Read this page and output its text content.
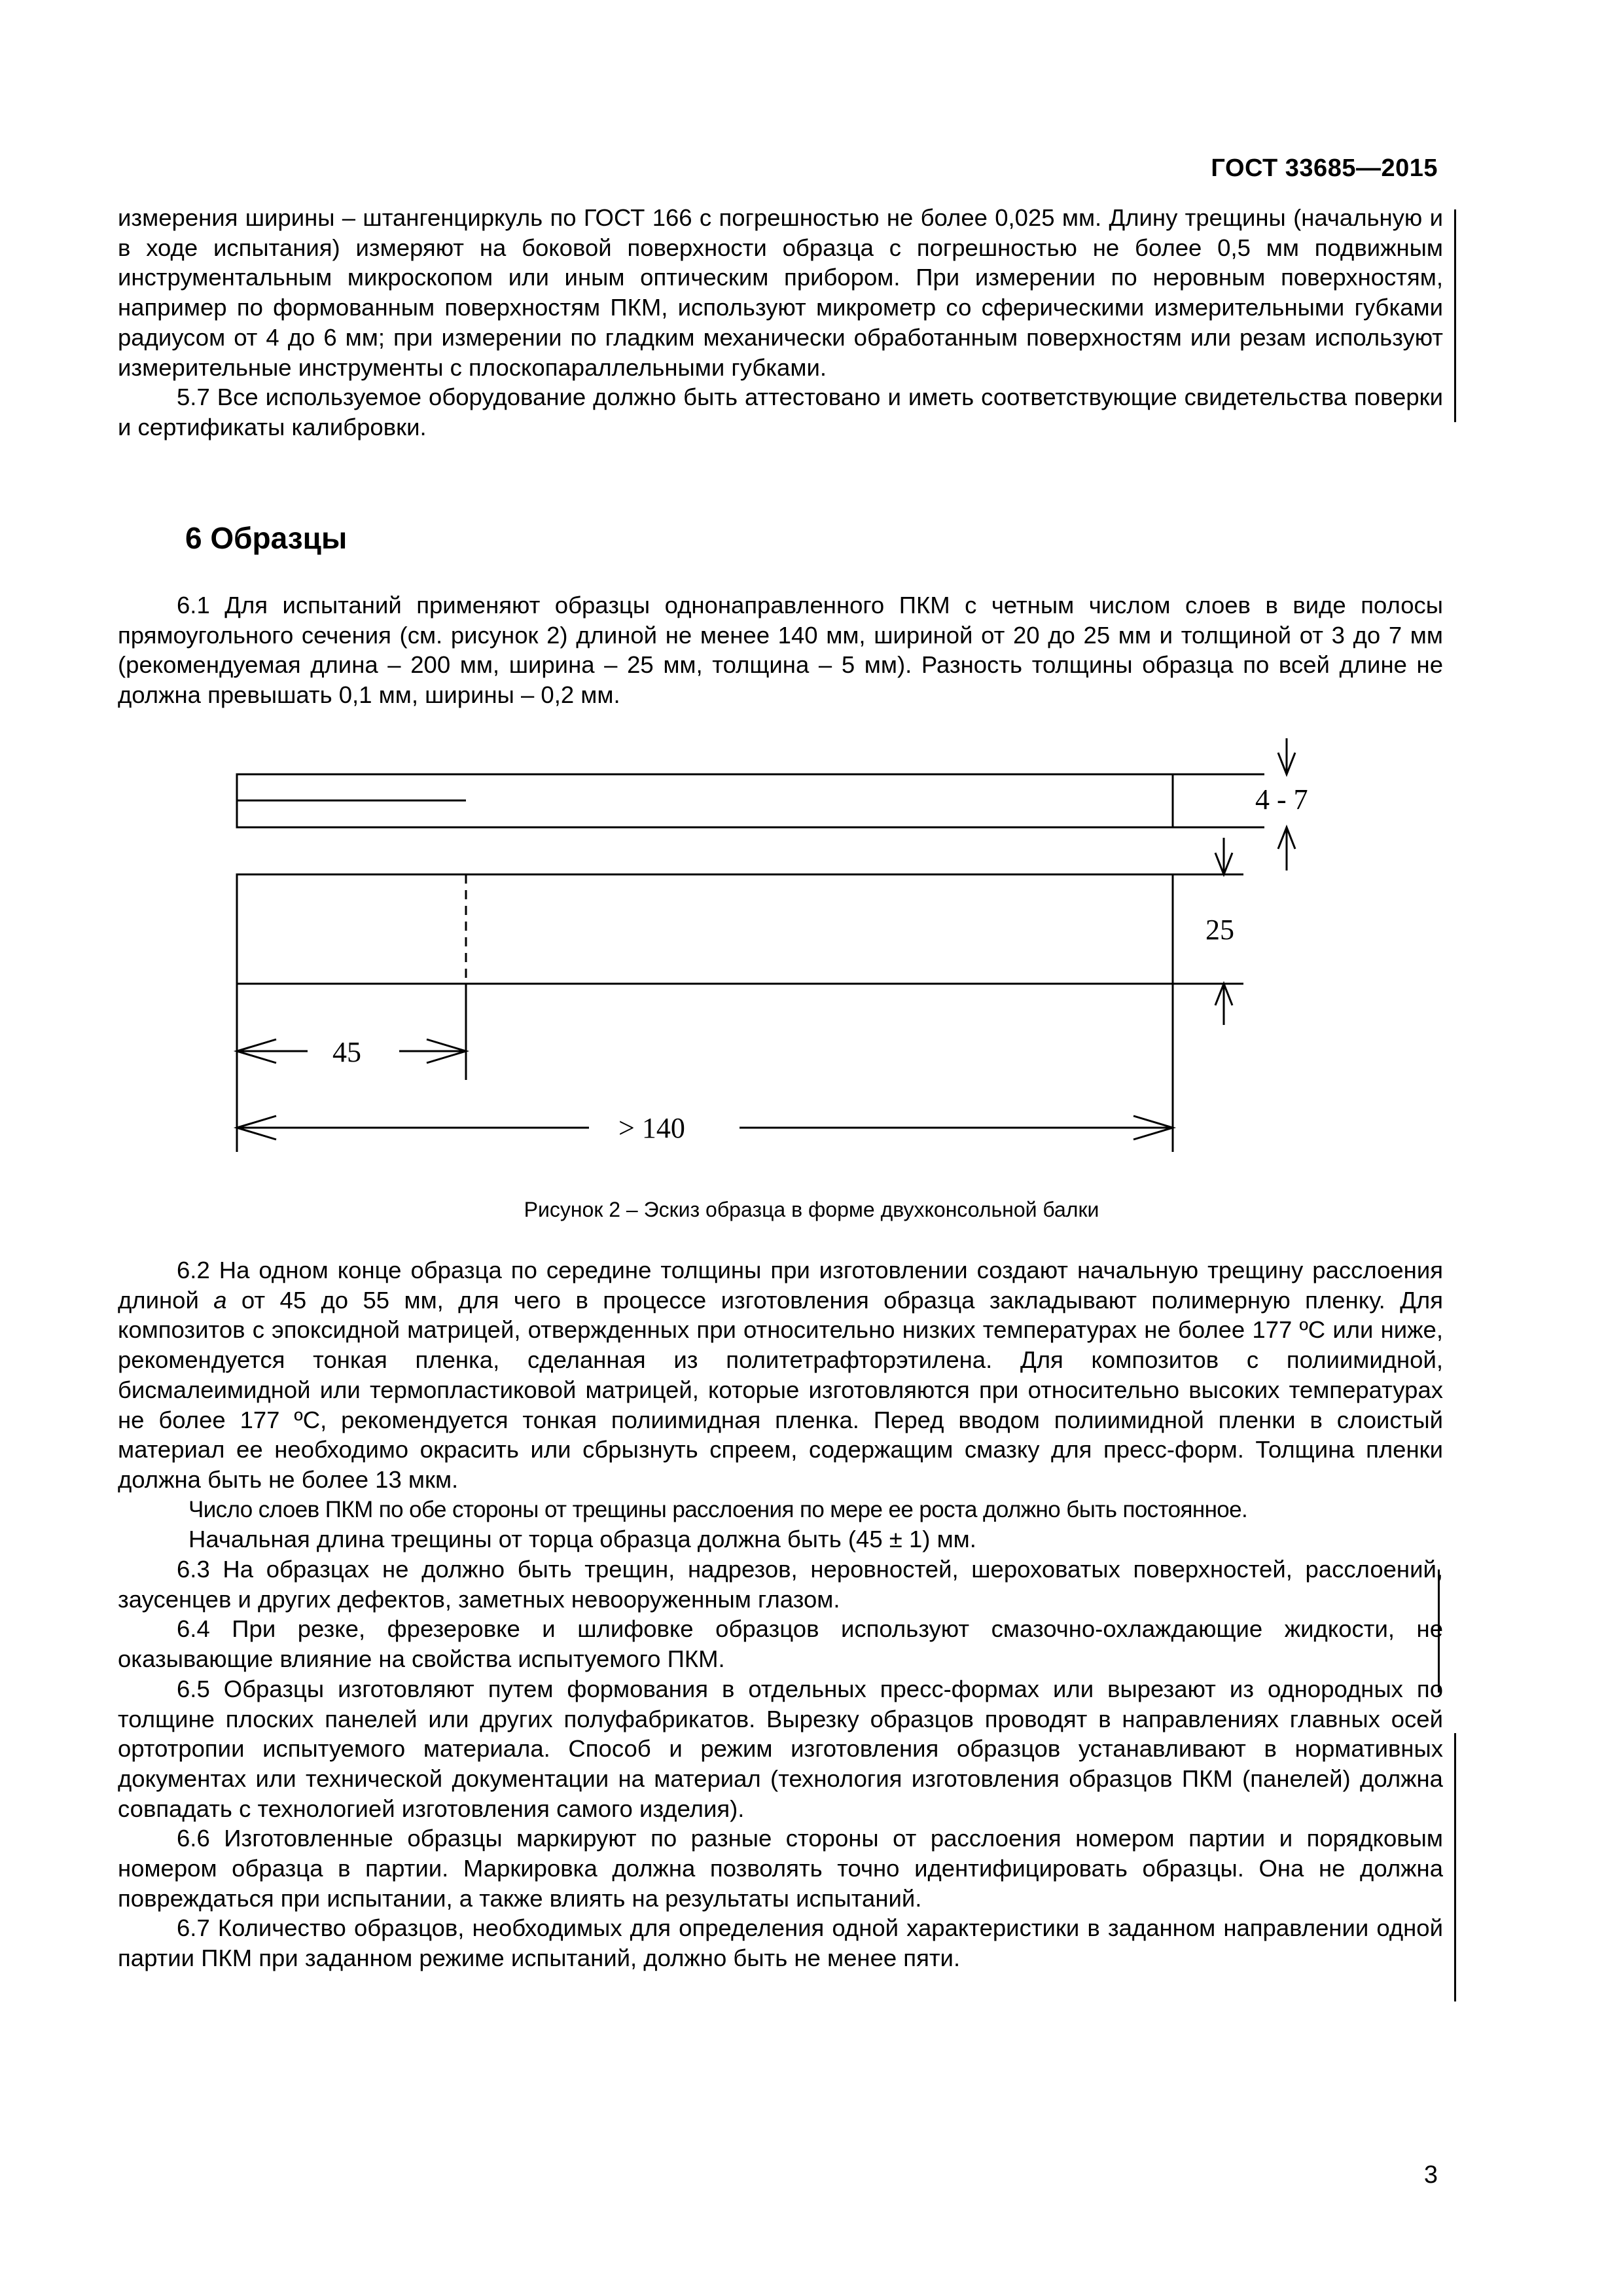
ГОСТ 33685—2015

измерения ширины – штангенциркуль по ГОСТ 166 с погрешностью не более 0,025 мм. Длину трещины (начальную и в ходе испытания) измеряют на боковой поверхности образца с погрешностью не более 0,5 мм подвижным инструментальным микроскопом или иным оптическим прибором. При измерении по неровным поверхностям, например по формованным поверхностям ПКМ, используют микрометр со сферическими измерительными губками радиусом от 4 до 6 мм; при измерении по гладким механически обработанным поверхностям или резам используют измерительные инструменты с плоскопараллельными губками.

5.7 Все используемое оборудование должно быть аттестовано и иметь соответствующие свидетельства поверки и сертификаты калибровки.

6 Образцы

6.1 Для испытаний применяют образцы однонаправленного ПКМ с четным числом слоев в виде полосы прямоугольного сечения (см. рисунок 2) длиной не менее 140 мм, шириной от 20 до 25 мм и толщиной от 3 до 7 мм (рекомендуемая длина – 200 мм, ширина – 25 мм, толщина – 5 мм). Разность толщины образца по всей длине не должна превышать 0,1 мм, ширины – 0,2 мм.

4 - 7
25
45
> 140
Рисунок 2 – Эскиз образца в форме двухконсольной балки

6.2 На одном конце образца по середине толщины при изготовлении создают начальную трещину расслоения длиной a от 45 до 55 мм, для чего в процессе изготовления образца закладывают полимерную пленку. Для композитов с эпоксидной матрицей, отвержденных при относительно низких температурах не более 177 ºС или ниже, рекомендуется тонкая пленка, сделанная из политетрафторэтилена. Для композитов с полиимидной, бисмалеимидной или термопластиковой матрицей, которые изготовляются при относительно высоких температурах не более 177 ºС, рекомендуется тонкая полиимидная пленка. Перед вводом полиимидной пленки в слоистый материал ее необходимо окрасить или сбрызнуть спреем, содержащим смазку для пресс-форм. Толщина пленки должна быть не более 13 мкм.

Число слоев ПКМ по обе стороны от трещины расслоения по мере ее роста должно быть постоянное.

Начальная длина трещины от торца образца должна быть (45 ± 1) мм.

6.3 На образцах не должно быть трещин, надрезов, неровностей, шероховатых поверхностей, расслоений, заусенцев и других дефектов, заметных невооруженным глазом.

6.4 При резке, фрезеровке и шлифовке образцов используют смазочно-охлаждающие жидкости, не оказывающие влияние на свойства испытуемого ПКМ.

6.5 Образцы изготовляют путем формования в отдельных пресс-формах или вырезают из однородных по толщине плоских панелей или других полуфабрикатов. Вырезку образцов проводят в направлениях главных осей ортотропии испытуемого материала. Способ и режим изготовления образцов устанавливают в нормативных документах или технической документации на материал (технология изготовления образцов ПКМ (панелей) должна совпадать с технологией изготовления самого изделия).

6.6 Изготовленные образцы маркируют по разные стороны от расслоения номером партии и порядковым номером образца в партии. Маркировка должна позволять точно идентифицировать образцы. Она не должна повреждаться при испытании, а также влиять на результаты испытаний.

6.7 Количество образцов, необходимых для определения одной характеристики в заданном направлении одной партии ПКМ при заданном режиме испытаний, должно быть не менее пяти.

3
